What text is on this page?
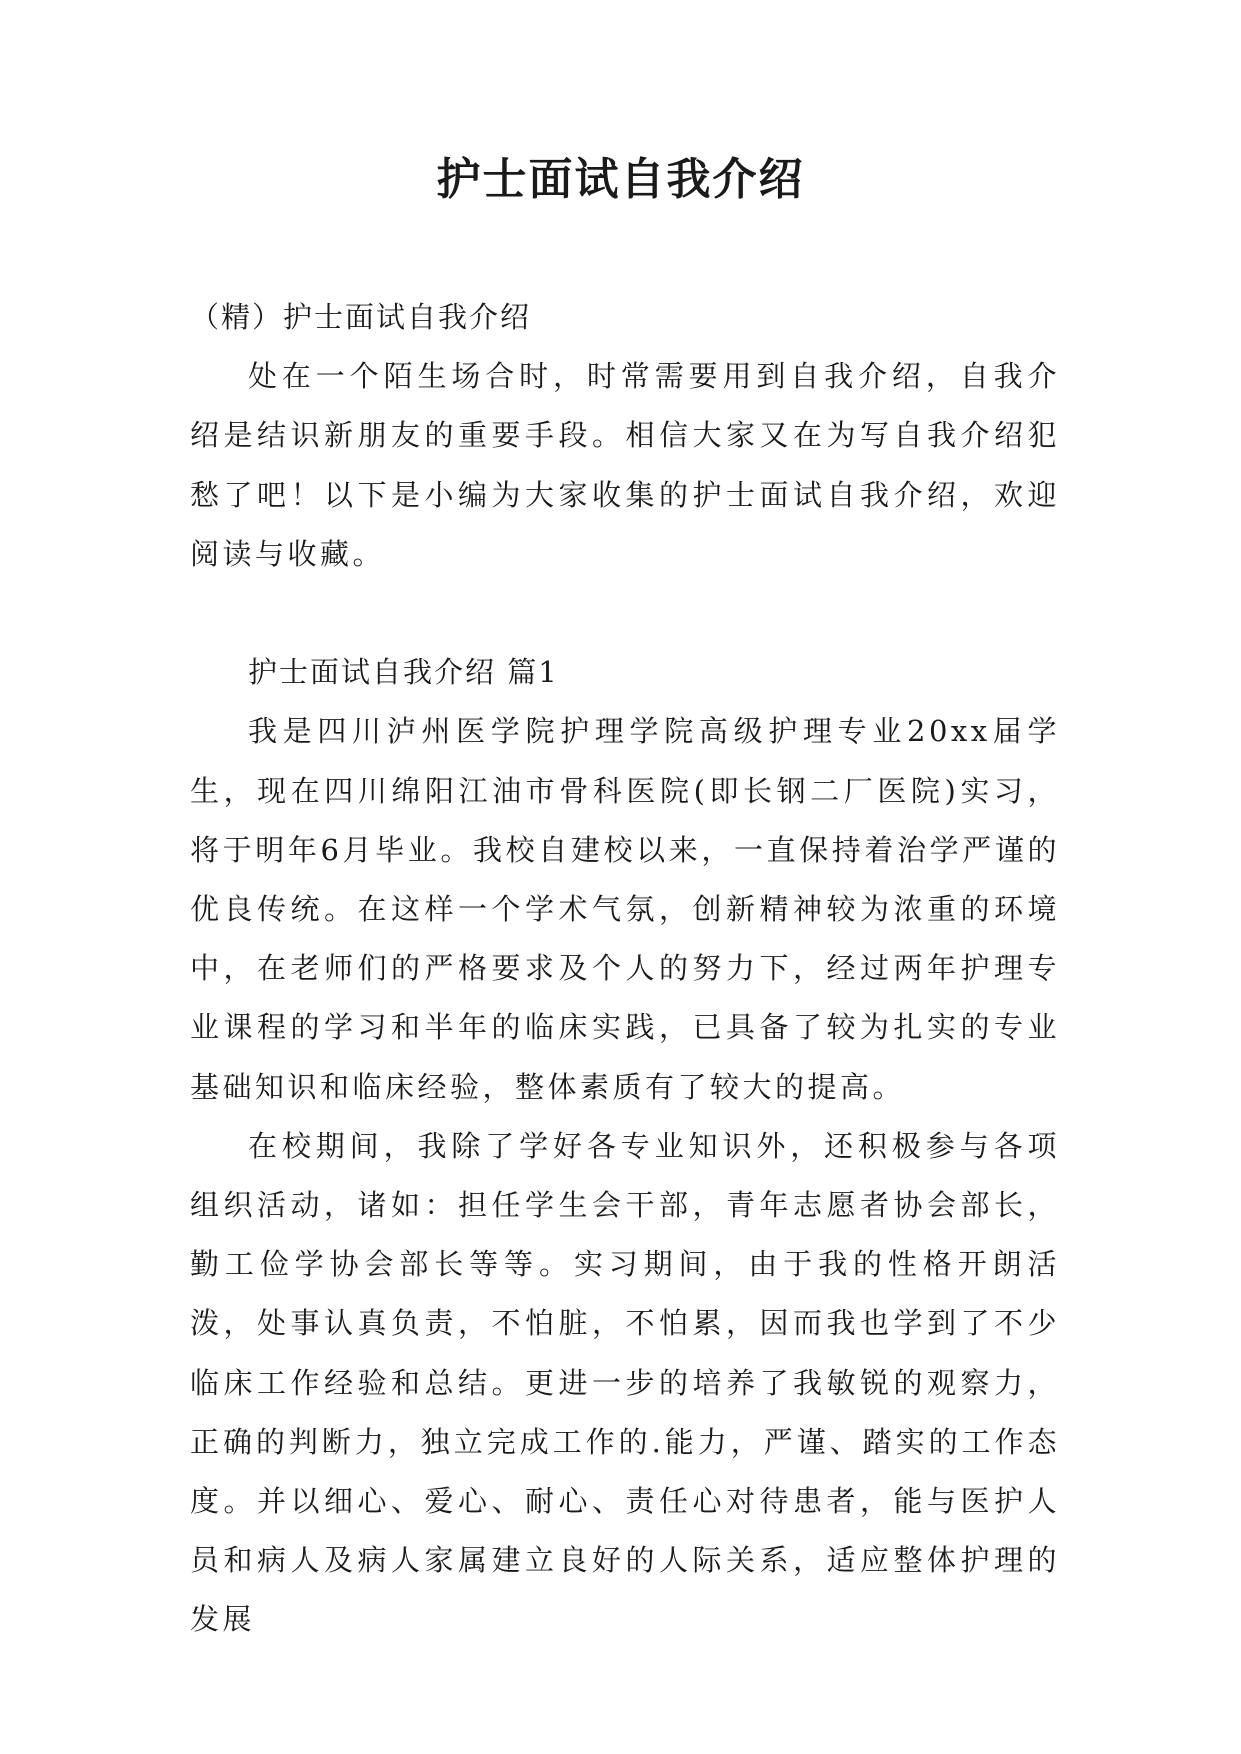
护士面试自我介绍

（精）护士面试自我介绍

处在一个陌生场合时，时常需要用到自我介绍，自我介绍是结识新朋友的重要手段。相信大家又在为写自我介绍犯愁了吧！以下是小编为大家收集的护士面试自我介绍，欢迎阅读与收藏。

护士面试自我介绍 篇1

我是四川泸州医学院护理学院高级护理专业20xx届学生，现在四川绵阳江油市骨科医院(即长钢二厂医院)实习，将于明年6月毕业。我校自建校以来，一直保持着治学严谨的优良传统。在这样一个学术气氛，创新精神较为浓重的环境中，在老师们的严格要求及个人的努力下，经过两年护理专业课程的学习和半年的临床实践，已具备了较为扎实的专业基础知识和临床经验，整体素质有了较大的提高。

在校期间，我除了学好各专业知识外，还积极参与各项组织活动，诸如：担任学生会干部，青年志愿者协会部长，勤工俭学协会部长等等。实习期间，由于我的性格开朗活泼，处事认真负责，不怕脏，不怕累，因而我也学到了不少临床工作经验和总结。更进一步的培养了我敏锐的观察力，正确的判断力，独立完成工作的.能力，严谨、踏实的工作态度。并以细心、爱心、耐心、责任心对待患者，能与医护人员和病人及病人家属建立良好的人际关系，适应整体护理的发展
